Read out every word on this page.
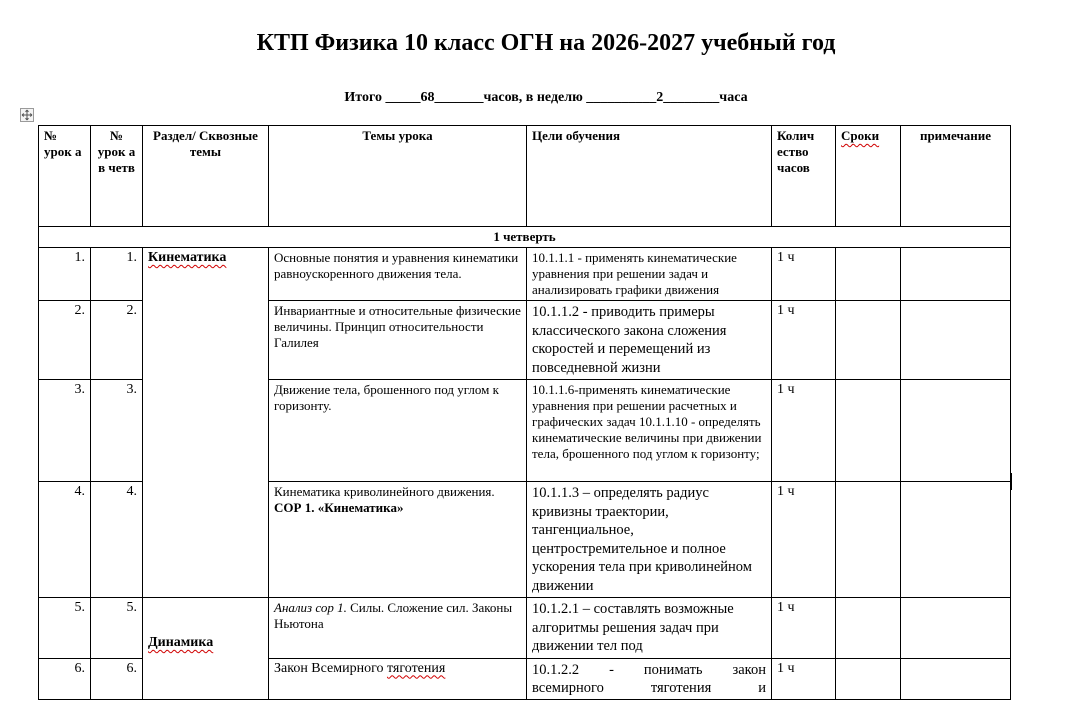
КТП Физика 10 класс ОГН на 2026-2027 учебный год
Итого _____68_______часов, в неделю __________2________часа
№ урок а	№ урок а в четв	Раздел/ Сквозные темы	Темы урока	Цели обучения	Колич ество часов	Сроки	примечание
1 четверть							
1.	1.	Кинематика	Основные понятия и уравнения кинематики равноускоренного движения тела.	10.1.1.1 - применять кинематические уравнения при решении задач и анализировать графики движения	1 ч		
2.	2.		Инвариантные и относительные физические величины. Принцип относительности Галилея	10.1.1.2 - приводить примеры классического закона сложения скоростей и перемещений из повседневной жизни	1 ч		
3.	3.		Движение тела, брошенного под углом к горизонту.	10.1.1.6-применять кинематические уравнения при решении расчетных и графических задач 10.1.1.10 - определять кинематические величины при движении тела, брошенного под углом к горизонту;	1 ч		
4.	4.		Кинематика криволинейного движения.
СОР 1. «Кинематика»	10.1.1.3 – определять радиус кривизны траектории, тангенциальное, центростремительное и полное ускорения тела при криволинейном движении	1 ч		
5.	5.	Динамика	Анализ сор 1. Силы. Сложение сил. Законы Ньютона	10.1.2.1 – составлять возможные алгоритмы решения задач при движении тел под	1 ч		
6.	6.		Закон Всемирного тяготения	10.1.2.2 - понимать закон
всемирного тяготения и	1 ч		
